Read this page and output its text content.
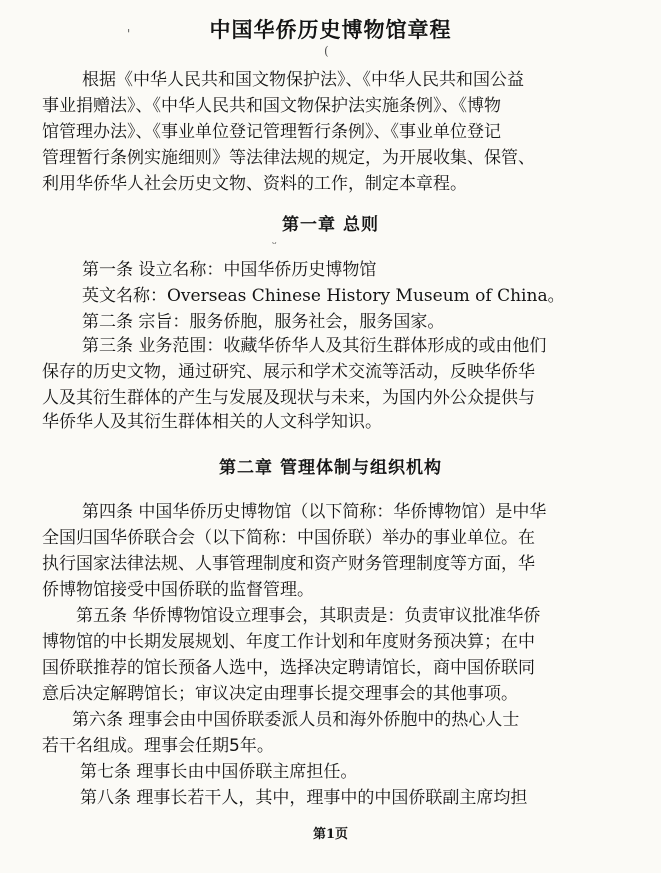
'	中国华侨历史博物馆章程
(
根据《中华人民共和国文物保护法》、《中华人民共和国公益
事业捐赠法》、《中华人民共和国文物保护法实施条例》、《博物
馆管理办法》、《事业单位登记管理暂行条例》、《事业单位登记
管理暂行条例实施细则》等法律法规的规定，为开展收集、保管、
利用华侨华人社会历史文物、资料的工作，制定本章程。
第一章 总则
ᵕ
第一条 设立名称：中国华侨历史博物馆
英文名称：Overseas Chinese History Museum of China。
第二条 宗旨：服务侨胞，服务社会，服务国家。
第三条 业务范围：收藏华侨华人及其衍生群体形成的或由他们
保存的历史文物，通过研究、展示和学术交流等活动，反映华侨华
人及其衍生群体的产生与发展及现状与未来，为国内外公众提供与
华侨华人及其衍生群体相关的人文科学知识。
第二章 管理体制与组织机构
第四条 中国华侨历史博物馆（以下简称：华侨博物馆）是中华
全国归国华侨联合会（以下简称：中国侨联）举办的事业单位。在
执行国家法律法规、人事管理制度和资产财务管理制度等方面，华
侨博物馆接受中国侨联的监督管理。
第五条 华侨博物馆设立理事会，其职责是：负责审议批准华侨
博物馆的中长期发展规划、年度工作计划和年度财务预决算；在中
国侨联推荐的馆长预备人选中，选择决定聘请馆长，商中国侨联同
意后决定解聘馆长；审议决定由理事长提交理事会的其他事项。
第六条 理事会由中国侨联委派人员和海外侨胞中的热心人士
若干名组成。理事会任期5年。
第七条 理事长由中国侨联主席担任。
第八条 理事长若干人，其中，理事中的中国侨联副主席均担
第1页
